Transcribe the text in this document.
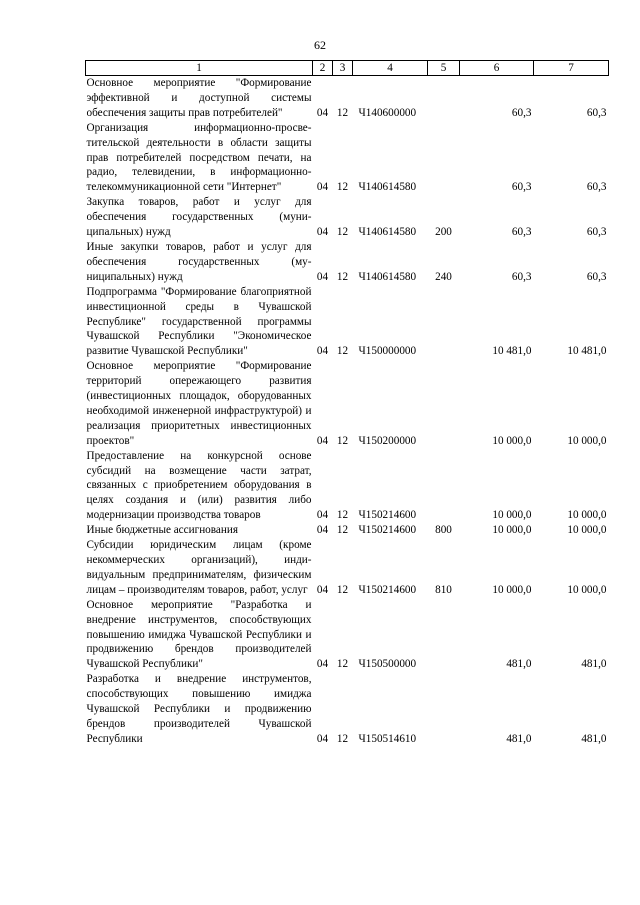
62
1	2	3	4	5	6	7
Основное мероприятие "Формирование эффективной и доступной системы обеспечения защиты прав потребителей"	04	12	Ч140600000		60,3	60,3
Организация информационно-просветительской деятельности в области защиты прав потребителей посредством печати, на радио, телевидении, в информационно-телекоммуникационной сети "Интернет"	04	12	Ч140614580		60,3	60,3
Закупка товаров, работ и услуг для обеспечения государственных (муниципальных) нужд	04	12	Ч140614580	200	60,3	60,3
Иные закупки товаров, работ и услуг для обеспечения государственных (муниципальных) нужд	04	12	Ч140614580	240	60,3	60,3
Подпрограмма "Формирование благоприятной инвестиционной среды в Чувашской Республике" государственной программы Чувашской Республики "Экономическое развитие Чувашской Республики"	04	12	Ч150000000		10 481,0	10 481,0
Основное мероприятие "Формирование территорий опережающего развития (инвестиционных площадок, оборудованных необходимой инженерной инфраструктурой) и реализация приоритетных инвестиционных проектов"	04	12	Ч150200000		10 000,0	10 000,0
Предоставление на конкурсной основе субсидий на возмещение части затрат, связанных с приобретением оборудования в целях создания и (или) развития либо модернизации производства товаров	04	12	Ч150214600		10 000,0	10 000,0
Иные бюджетные ассигнования	04	12	Ч150214600	800	10 000,0	10 000,0
Субсидии юридическим лицам (кроме некоммерческих организаций), индивидуальным предпринимателям, физическим лицам – производителям товаров, работ, услуг	04	12	Ч150214600	810	10 000,0	10 000,0
Основное мероприятие "Разработка и внедрение инструментов, способствующих повышению имиджа Чувашской Республики и продвижению брендов производителей Чувашской Республики"	04	12	Ч150500000		481,0	481,0
Разработка и внедрение инструментов, способствующих повышению имиджа Чувашской Республики и продвижению брендов производителей Чувашской Республики	04	12	Ч150514610		481,0	481,0
